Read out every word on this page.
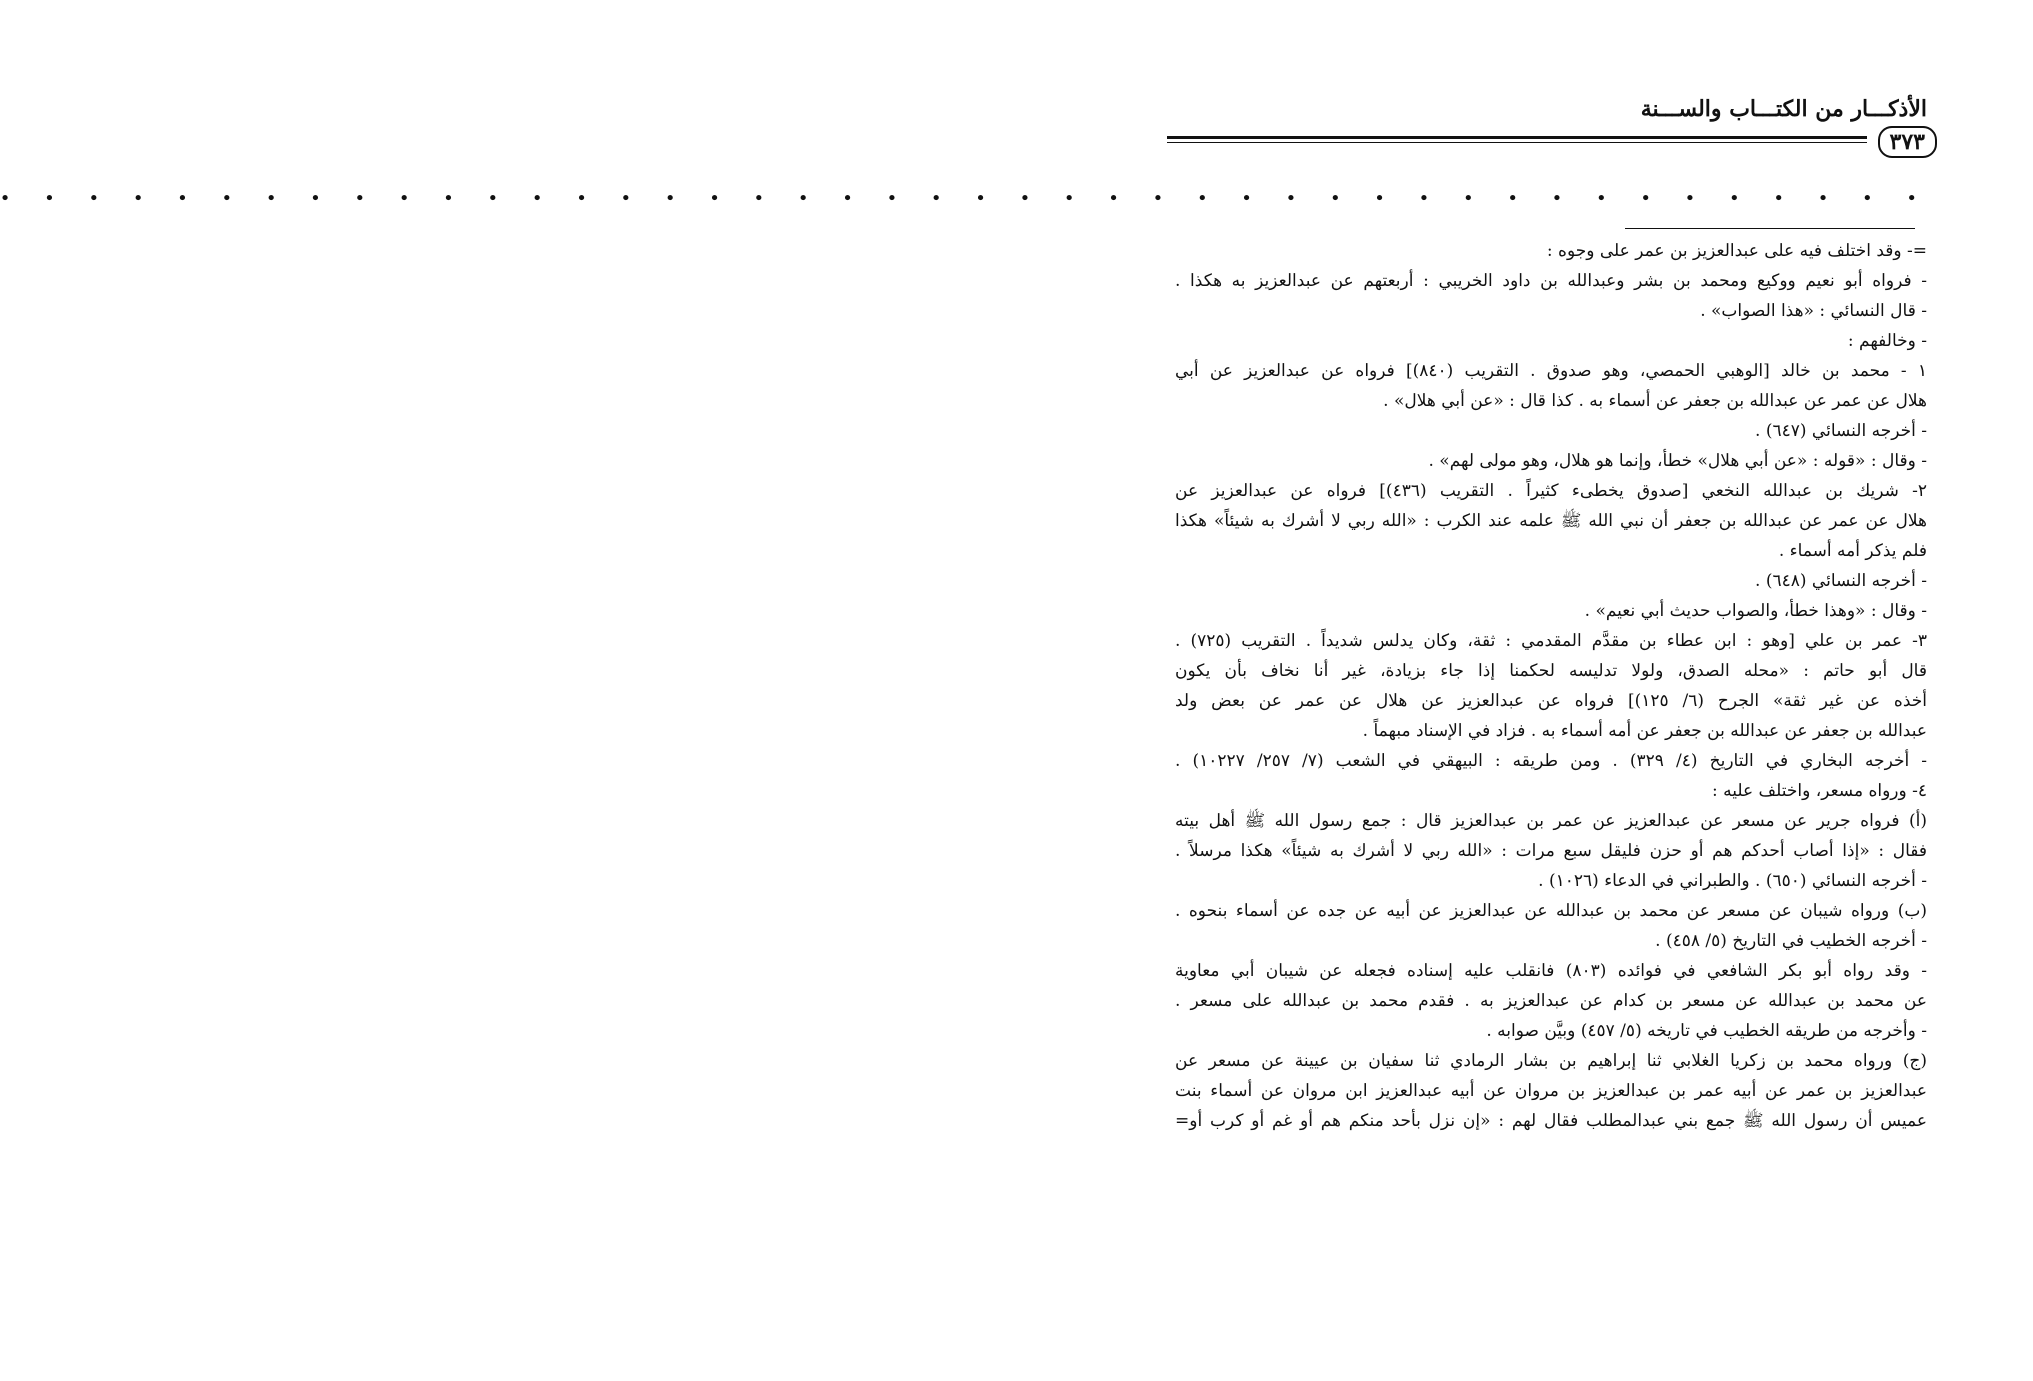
الأذكـــار من الكتـــاب والســـنة
٣٧٣
• • • • • • • • • • • • • • • • • • • • • • • • • • • • • • • • • • • • • • • • • • • •
=- وقد اختلف فيه على عبدالعزيز بن عمر على وجوه :
- فرواه أبو نعيم ووكيع ومحمد بن بشر وعبدالله بن داود الخريبي : أربعتهم عن عبدالعزيز به هكذا .
- قال النسائي : «هذا الصواب» .
- وخالفهم :
١ - محمد بن خالد [الوهبي الحمصي، وهو صدوق . التقريب (٨٤٠)] فرواه عن عبدالعزيز عن أبي
هلال عن عمر عن عبدالله بن جعفر عن أسماء به . كذا قال : «عن أبي هلال» .
- أخرجه النسائي (٦٤٧) .
- وقال : «قوله : «عن أبي هلال» خطأ، وإنما هو هلال، وهو مولى لهم» .
٢- شريك بن عبدالله النخعي [صدوق يخطىء كثيراً . التقريب (٤٣٦)] فرواه عن عبدالعزيز عن
هلال عن عمر عن عبدالله بن جعفر أن نبي الله ﷺ علمه عند الكرب : «الله ربي لا أشرك به شيئاً» هكذا
فلم يذكر أمه أسماء .
- أخرجه النسائي (٦٤٨) .
- وقال : «وهذا خطأ، والصواب حديث أبي نعيم» .
٣- عمر بن علي [وهو : ابن عطاء بن مقدَّم المقدمي : ثقة، وكان يدلس شديداً . التقريب (٧٢٥) .
قال أبو حاتم : «محله الصدق، ولولا تدليسه لحكمنا إذا جاء بزيادة، غير أنا نخاف بأن يكون
أخذه عن غير ثقة» الجرح (٦/ ١٢٥)] فرواه عن عبدالعزيز عن هلال عن عمر عن بعض ولد
عبدالله بن جعفر عن عبدالله بن جعفر عن أمه أسماء به . فزاد في الإسناد مبهماً .
- أخرجه البخاري في التاريخ (٤/ ٣٢٩) . ومن طريقه : البيهقي في الشعب (٧/ ٢٥٧/ ١٠٢٢٧) .
٤- ورواه مسعر، واختلف عليه :
(أ) فرواه جرير عن مسعر عن عبدالعزيز عن عمر بن عبدالعزيز قال : جمع رسول الله ﷺ أهل بيته
فقال : «إذا أصاب أحدكم هم أو حزن فليقل سبع مرات : «الله ربي لا أشرك به شيئاً» هكذا مرسلاً .
- أخرجه النسائي (٦٥٠) . والطبراني في الدعاء (١٠٢٦) .
(ب) ورواه شيبان عن مسعر عن محمد بن عبدالله عن عبدالعزيز عن أبيه عن جده عن أسماء بنحوه .
- أخرجه الخطيب في التاريخ (٥/ ٤٥٨) .
- وقد رواه أبو بكر الشافعي في فوائده (٨٠٣) فانقلب عليه إسناده فجعله عن شيبان أبي معاوية
عن محمد بن عبدالله عن مسعر بن كدام عن عبدالعزيز به . فقدم محمد بن عبدالله على مسعر .
- وأخرجه من طريقه الخطيب في تاريخه (٥/ ٤٥٧) وبيَّن صوابه .
(ج) ورواه محمد بن زكريا الغلابي ثنا إبراهيم بن بشار الرمادي ثنا سفيان بن عيينة عن مسعر عن
عبدالعزيز بن عمر عن أبيه عمر بن عبدالعزيز بن مروان عن أبيه عبدالعزيز ابن مروان عن أسماء بنت
عميس أن رسول الله ﷺ جمع بني عبدالمطلب فقال لهم : «إن نزل بأحد منكم هم أو غم أو كرب أو=
